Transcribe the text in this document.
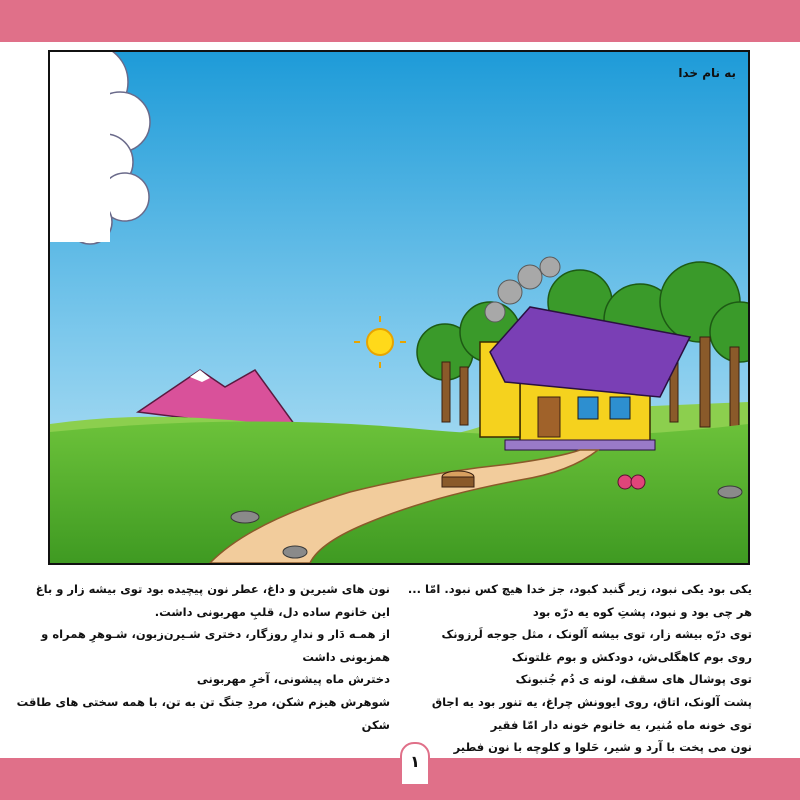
به نام خدا

یکی بود یکی نبود، زیر گنبد کبود، جز خدا هیچ کس نبود. امّا ...

هر چی بود و نبود، پشتِ کوه یه درّه بود

توی درّه بیشه زار، توی بیشه آلونک ، مثل جوجه لَرزونک

روی بوم کاهگلی‌ش، دودکش و بوم غلتونک

توی پوشال های سقف، لونه ی دُم جُنبونک

پشت آلونک، اتاق، روی ایوونش چراغ، یه تنور بود یه اجاق

توی خونه ماه مُنیر، یه خانوم خونه دار امّا فقیر

نون می پخت با آرد و شیر، حَلوا و کلوچه با نون فطیر

نون های شیرین و داغ، عطر نون پیچیده بود توی بیشه زار و باغ

این خانوم ساده دل، قلبِ مهربونی داشت.

از همـه دَار و ندارِ روزگار، دختری شـیرن‌زبون، شـوهرِ همراه و

همزبونی داشت

دخترش ماه پیشونی، آخرِ مهربونی

شوهرش هیزم شکن، مردِ جنگ تن به تن، با همه سختی های طاقت

شکن

۱
